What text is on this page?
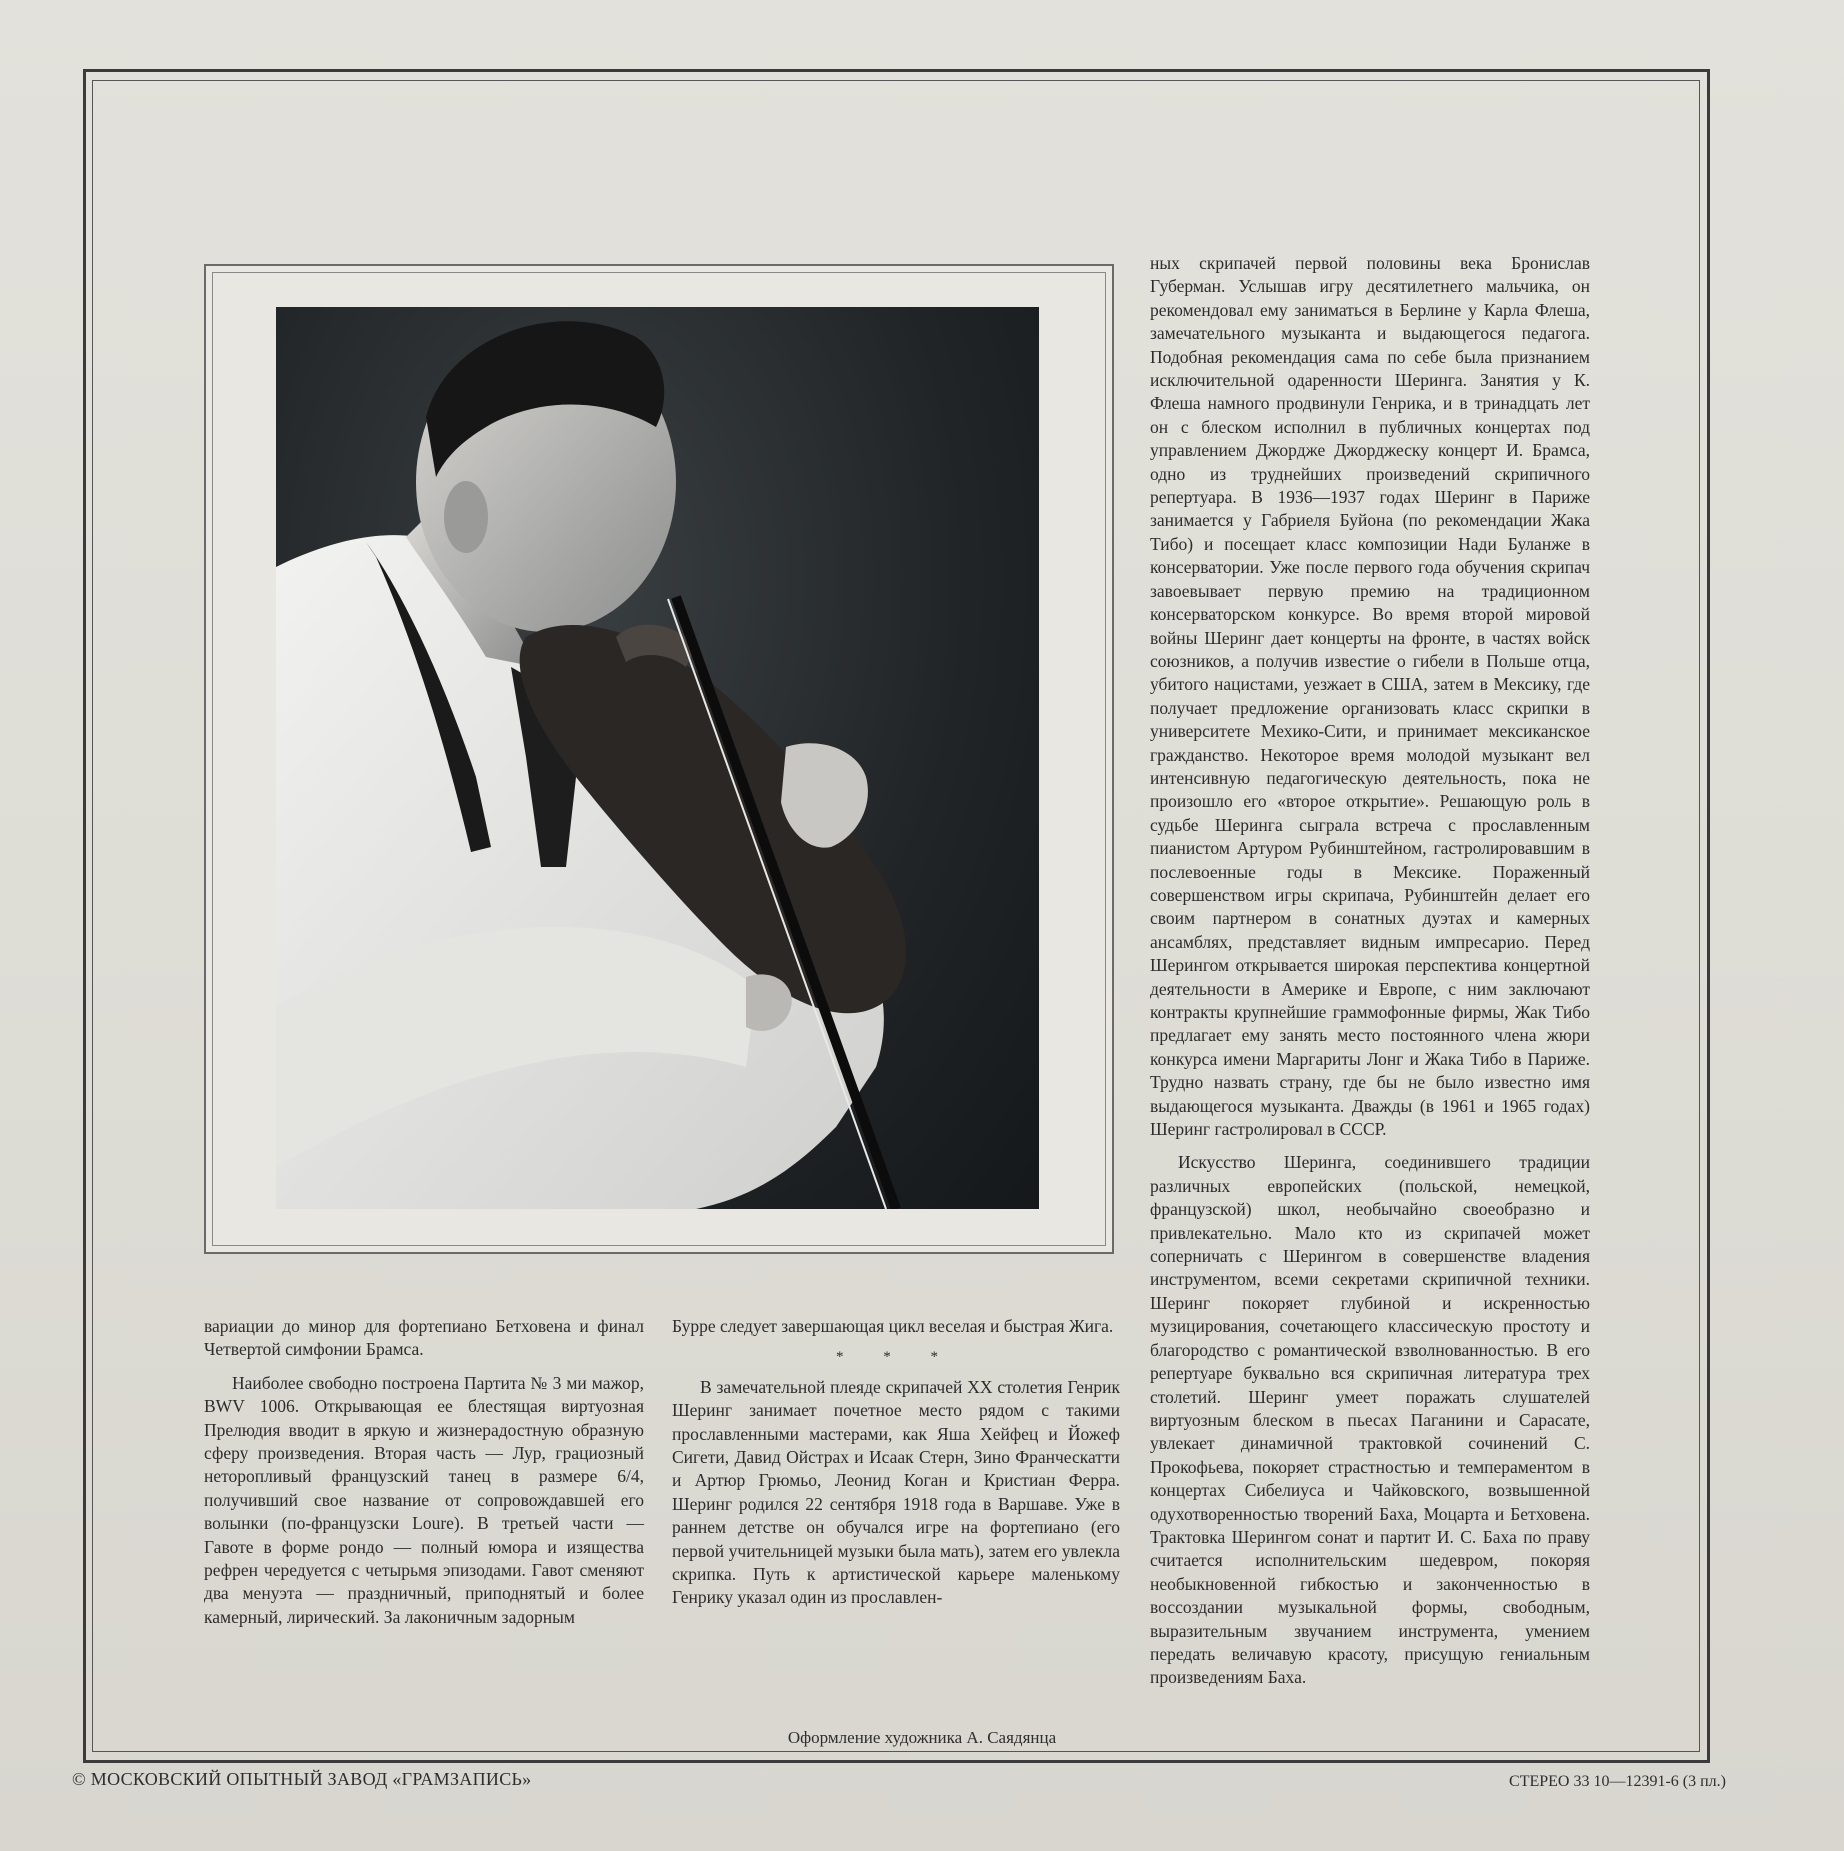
ных скрипачей первой половины века Бронислав Губерман. Услышав игру десятилетнего мальчика, он рекомендовал ему заниматься в Берлине у Карла Флеша, замечательного музыканта и выдающегося педагога. Подобная рекомендация сама по себе была признанием исключительной одаренности Шеринга. Занятия у К. Флеша намного продвинули Генрика, и в тринадцать лет он с блеском исполнил в публичных концертах под управлением Джордже Джорджеску концерт И. Брамса, одно из труднейших произведений скрипичного репертуара. В 1936—1937 годах Шеринг в Париже занимается у Габриеля Буйона (по рекомендации Жака Тибо) и посещает класс композиции Нади Буланже в консерватории. Уже после первого года обучения скрипач завоевывает первую премию на традиционном консерваторском конкурсе. Во время второй мировой войны Шеринг дает концерты на фронте, в частях войск союзников, а получив известие о гибели в Польше отца, убитого нацистами, уезжает в США, затем в Мексику, где получает предложение организовать класс скрипки в университете Мехико-Сити, и принимает мексиканское гражданство. Некоторое время молодой музыкант вел интенсивную педагогическую деятельность, пока не произошло его «второе открытие». Решающую роль в судьбе Шеринга сыграла встреча с прославленным пианистом Артуром Рубинштейном, гастролировавшим в послевоенные годы в Мексике. Пораженный совершенством игры скрипача, Рубинштейн делает его своим партнером в сонатных дуэтах и камерных ансамблях, представляет видным импресарио. Перед Шерингом открывается широкая перспектива концертной деятельности в Америке и Европе, с ним заключают контракты крупнейшие граммофонные фирмы, Жак Тибо предлагает ему занять место постоянного члена жюри конкурса имени Маргариты Лонг и Жака Тибо в Париже. Трудно назвать страну, где бы не было известно имя выдающегося музыканта. Дважды (в 1961 и 1965 годах) Шеринг гастролировал в СССР.

Искусство Шеринга, соединившего традиции различных европейских (польской, немецкой, французской) школ, необычайно своеобразно и привлекательно. Мало кто из скрипачей может соперничать с Шерингом в совершенстве владения инструментом, всеми секретами скрипичной техники. Шеринг покоряет глубиной и искренностью музицирования, сочетающего классическую простоту и благородство с романтической взволнованностью. В его репертуаре буквально вся скрипичная литература трех столетий. Шеринг умеет поражать слушателей виртуозным блеском в пьесах Паганини и Сарасате, увлекает динамичной трактовкой сочинений С. Прокофьева, покоряет страстностью и темпераментом в концертах Сибелиуса и Чайковского, возвышенной одухотворенностью творений Баха, Моцарта и Бетховена. Трактовка Шерингом сонат и партит И. С. Баха по праву считается исполнительским шедевром, покоряя необыкновенной гибкостью и законченностью в воссоздании музыкальной формы, свободным, выразительным звучанием инструмента, умением передать величавую красоту, присущую гениальным произведениям Баха.

вариации до минор для фортепиано Бетховена и финал Четвертой симфонии Брамса.

Наиболее свободно построена Партита № 3 ми мажор, BWV 1006. Открывающая ее блестящая виртуозная Прелюдия вводит в яркую и жизнерадостную образную сферу произведения. Вторая часть — Лур, грациозный неторопливый французский танец в размере 6/4, получивший свое название от сопровождавшей его волынки (по-французски Loure). В третьей части — Гавоте в форме рондо — полный юмора и изящества рефрен чередуется с четырьмя эпизодами. Гавот сменяют два менуэта — праздничный, приподнятый и более камерный, лирический. За лаконичным задорным

Бурре следует завершающая цикл веселая и быстрая Жига.

* * *

В замечательной плеяде скрипачей XX столетия Генрик Шеринг занимает почетное место рядом с такими прославленными мастерами, как Яша Хейфец и Йожеф Сигети, Давид Ойстрах и Исаак Стерн, Зино Франческатти и Артюр Грюмьо, Леонид Коган и Кристиан Ферра. Шеринг родился 22 сентября 1918 года в Варшаве. Уже в раннем детстве он обучался игре на фортепиано (его первой учительницей музыки была мать), затем его увлекла скрипка. Путь к артистической карьере маленькому Генрику указал один из прославлен-

Оформление художника А. Саядянца
© МОСКОВСКИЙ ОПЫТНЫЙ ЗАВОД «ГРАМЗАПИСЬ»	СТЕРЕО 33 10—12391-6 (3 пл.)
